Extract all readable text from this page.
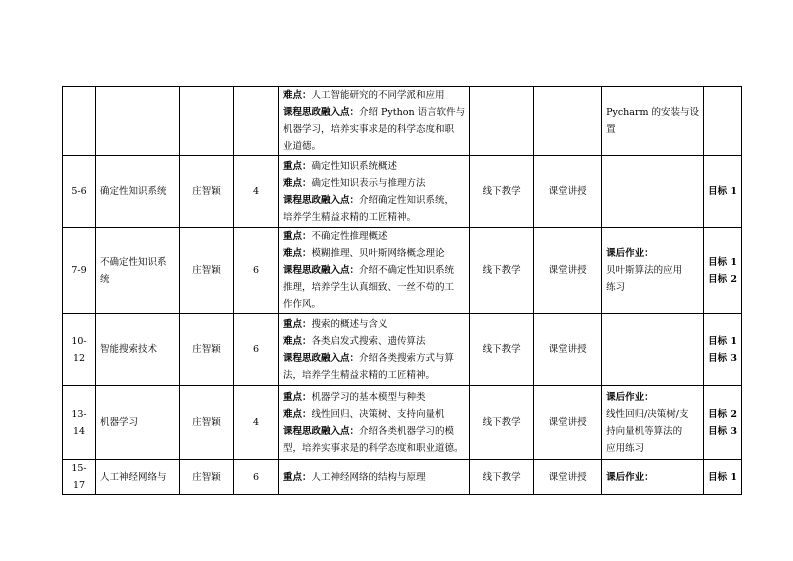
				难点：人工智能研究的不同学派和应用
课程思政融入点：介绍 Python 语言软件与
机器学习，培养实事求是的科学态度和职
业道德。			Pycharm 的安装与设
置	

5-6	确定性知识系统	庄智颖	4	重点：确定性知识系统概述
难点：确定性知识表示与推理方法
课程思政融入点：介绍确定性知识系统，
培养学生精益求精的工匠精神。	线下教学	课堂讲授		目标 1

7-9	不确定性知识系统	庄智颖	6	重点：不确定性推理概述
难点：模糊推理、贝叶斯网络概念理论
课程思政融入点：介绍不确定性知识系统
推理，培养学生认真细致、一丝不苟的工
作作风。	线下教学	课堂讲授	课后作业：
贝叶斯算法的应用
练习	目标 1
目标 2

10-12	智能搜索技术	庄智颖	6	重点：搜索的概述与含义
难点：各类启发式搜索、遗传算法
课程思政融入点：介绍各类搜索方式与算
法，培养学生精益求精的工匠精神。	线下教学	课堂讲授		目标 1
目标 3

13-14	机器学习	庄智颖	4	重点：机器学习的基本模型与种类
难点：线性回归、决策树、支持向量机
课程思政融入点：介绍各类机器学习的模
型，培养实事求是的科学态度和职业道德。	线下教学	课堂讲授	课后作业：
线性回归/决策树/支
持向量机等算法的
应用练习	目标 2
目标 3

15-17	人工神经网络与	庄智颖	6	重点：人工神经网络的结构与原理	线下教学	课堂讲授	课后作业：	目标 1
